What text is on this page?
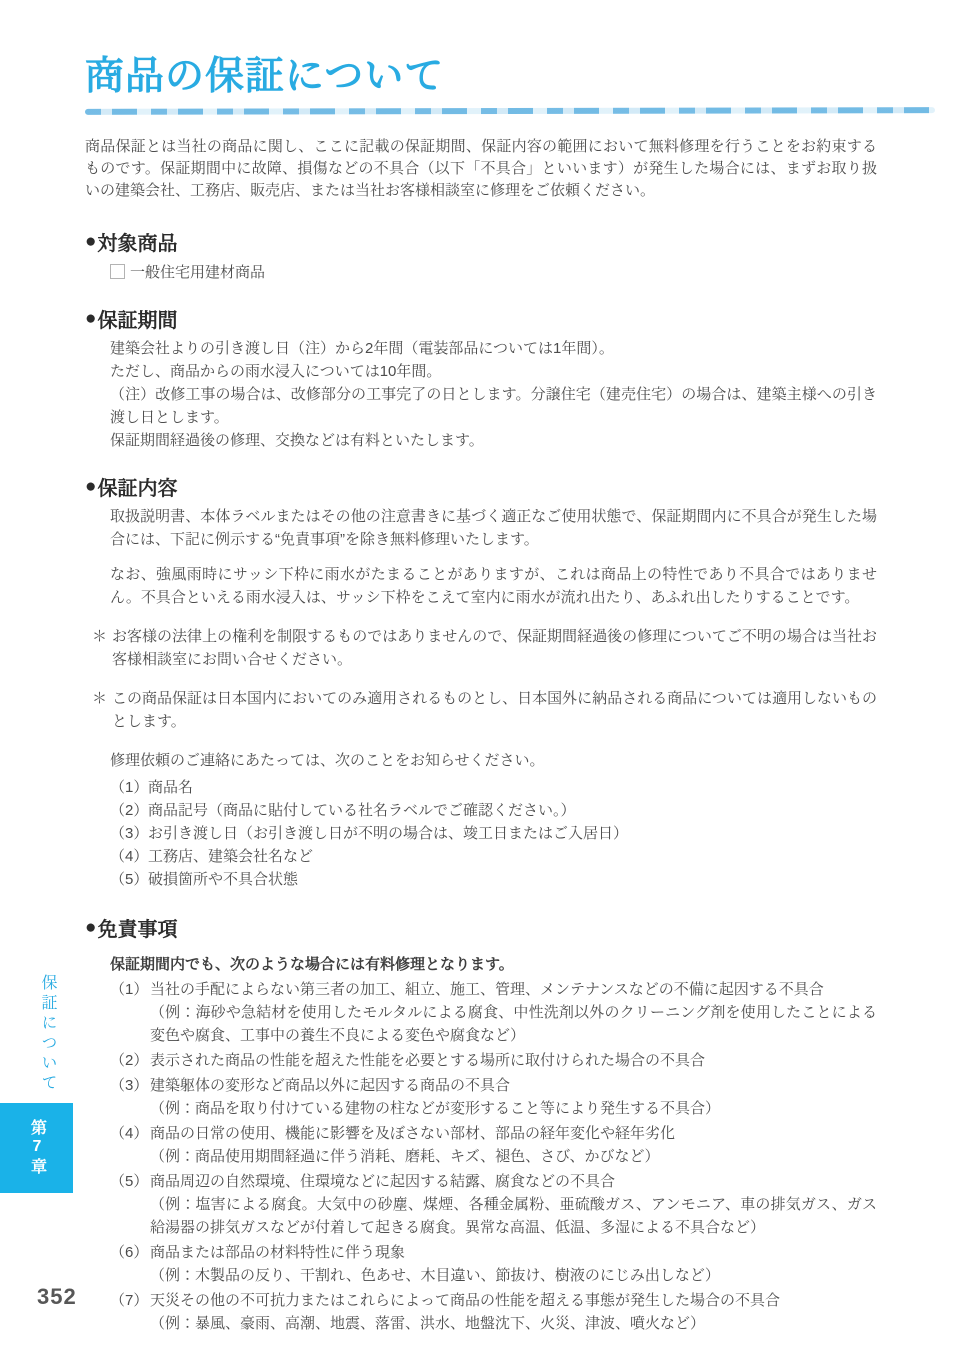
保証について
第7章
352
商品の保証について

商品保証とは当社の商品に関し、ここに記載の保証期間、保証内容の範囲において無料修理を行うことをお約束するものです。保証期間中に故障、損傷などの不具合（以下「不具合」といいます）が発生した場合には、まずお取り扱いの建築会社、工務店、販売店、または当社お客様相談室に修理をご依頼ください。

● 対象商品
一般住宅用建材商品
● 保証期間
建築会社よりの引き渡し日（注）から2年間（電装部品については1年間）。
ただし、商品からの雨水浸入については10年間。
（注）改修工事の場合は、改修部分の工事完了の日とします。分譲住宅（建売住宅）の場合は、建築主様への引き渡し日とします。
保証期間経過後の修理、交換などは有料といたします。
● 保証内容

取扱説明書、本体ラベルまたはその他の注意書きに基づく適正なご使用状態で、保証期間内に不具合が発生した場合には、下記に例示する“免責事項”を除き無料修理いたします。

なお、強風雨時にサッシ下枠に雨水がたまることがありますが、これは商品上の特性であり不具合ではありません。不具合といえる雨水浸入は、サッシ下枠をこえて室内に雨水が流れ出たり、あふれ出したりすることです。

＊ お客様の法律上の権利を制限するものではありませんので、保証期間経過後の修理についてご不明の場合は当社お客様相談室にお問い合せください。

＊ この商品保証は日本国内においてのみ適用されるものとし、日本国外に納品される商品については適用しないものとします。

修理依頼のご連絡にあたっては、次のことをお知らせください。

（1） 商品名
（2） 商品記号（商品に貼付している社名ラベルでご確認ください。）
（3） お引き渡し日（お引き渡し日が不明の場合は、竣工日またはご入居日）
（4） 工務店、建築会社名など
（5） 破損箇所や不具合状態
● 免責事項

保証期間内でも、次のような場合には有料修理となります。

（1） 当社の手配によらない第三者の加工、組立、施工、管理、メンテナンスなどの不備に起因する不具合
（例：海砂や急結材を使用したモルタルによる腐食、中性洗剤以外のクリーニング剤を使用したことによる変色や腐食、工事中の養生不良による変色や腐食など）
（2） 表示された商品の性能を超えた性能を必要とする場所に取付けられた場合の不具合
（3） 建築躯体の変形など商品以外に起因する商品の不具合
（例：商品を取り付けている建物の柱などが変形すること等により発生する不具合）
（4） 商品の日常の使用、機能に影響を及ぼさない部材、部品の経年変化や経年劣化
（例：商品使用期間経過に伴う消耗、磨耗、キズ、褪色、さび、かびなど）
（5） 商品周辺の自然環境、住環境などに起因する結露、腐食などの不具合
（例：塩害による腐食。大気中の砂塵、煤煙、各種金属粉、亜硫酸ガス、アンモニア、車の排気ガス、ガス給湯器の排気ガスなどが付着して起きる腐食。異常な高温、低温、多湿による不具合など）
（6） 商品または部品の材料特性に伴う現象
（例：木製品の反り、干割れ、色あせ、木目違い、節抜け、樹液のにじみ出しなど）
（7） 天災その他の不可抗力またはこれらによって商品の性能を超える事態が発生した場合の不具合
（例：暴風、豪雨、高潮、地震、落雷、洪水、地盤沈下、火災、津波、噴火など）
